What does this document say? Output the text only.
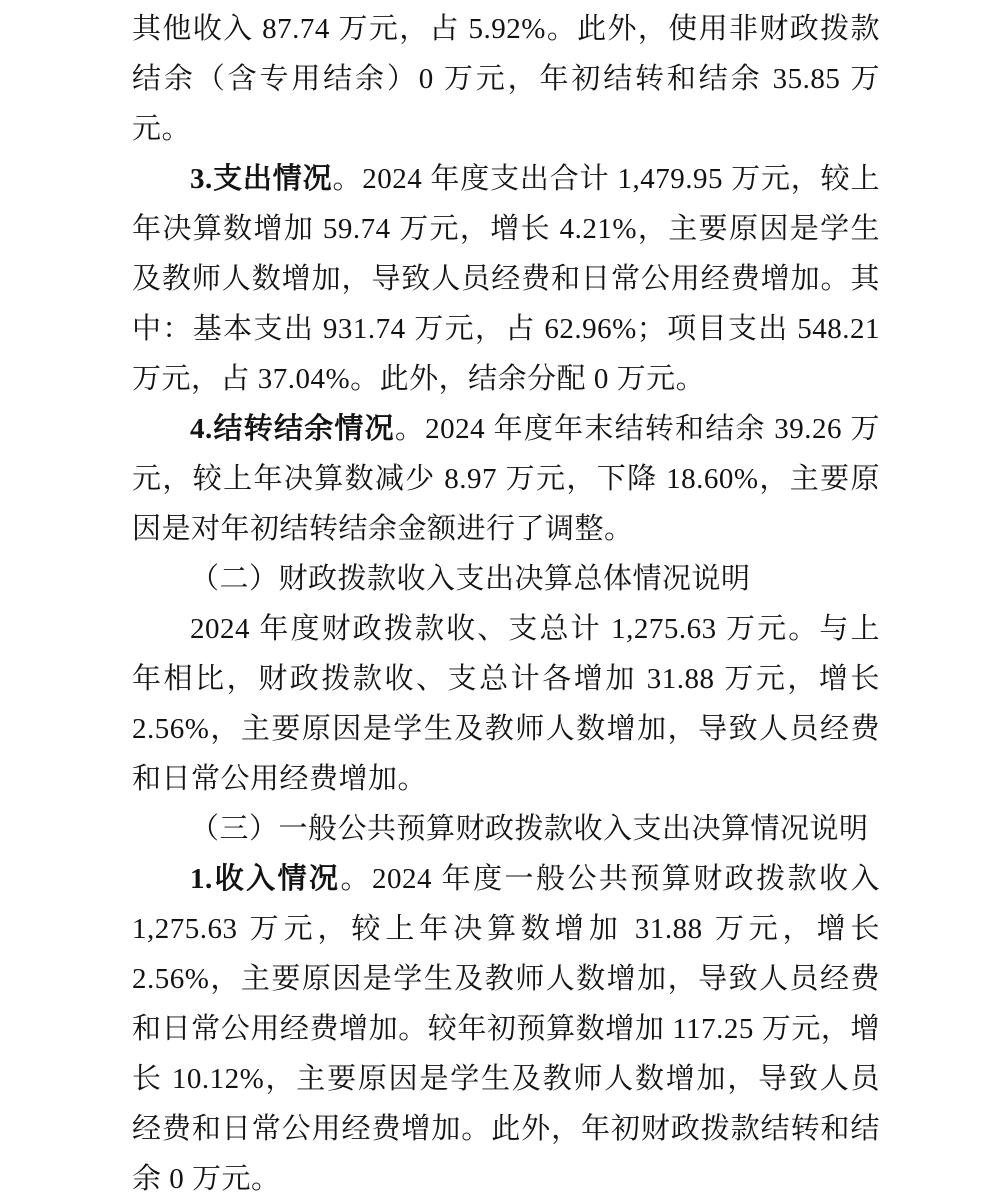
其他收入 87.74 万元，占 5.92%。此外，使用非财政拨款结余（含专用结余）0 万元，年初结转和结余 35.85 万元。

3.支出情况。2024 年度支出合计 1,479.95 万元，较上年决算数增加 59.74 万元，增长 4.21%，主要原因是学生及教师人数增加，导致人员经费和日常公用经费增加。其中：基本支出 931.74 万元，占 62.96%；项目支出 548.21 万元，占 37.04%。此外，结余分配 0 万元。

4.结转结余情况。2024 年度年末结转和结余 39.26 万元，较上年决算数减少 8.97 万元，下降 18.60%，主要原因是对年初结转结余金额进行了调整。

（二）财政拨款收入支出决算总体情况说明

2024 年度财政拨款收、支总计 1,275.63 万元。与上年相比，财政拨款收、支总计各增加 31.88 万元，增长 2.56%，主要原因是学生及教师人数增加，导致人员经费和日常公用经费增加。

（三）一般公共预算财政拨款收入支出决算情况说明

1.收入情况。2024 年度一般公共预算财政拨款收入 1,275.63 万元，较上年决算数增加 31.88 万元，增长 2.56%，主要原因是学生及教师人数增加，导致人员经费和日常公用经费增加。较年初预算数增加 117.25 万元，增长 10.12%，主要原因是学生及教师人数增加，导致人员经费和日常公用经费增加。此外，年初财政拨款结转和结余 0 万元。
